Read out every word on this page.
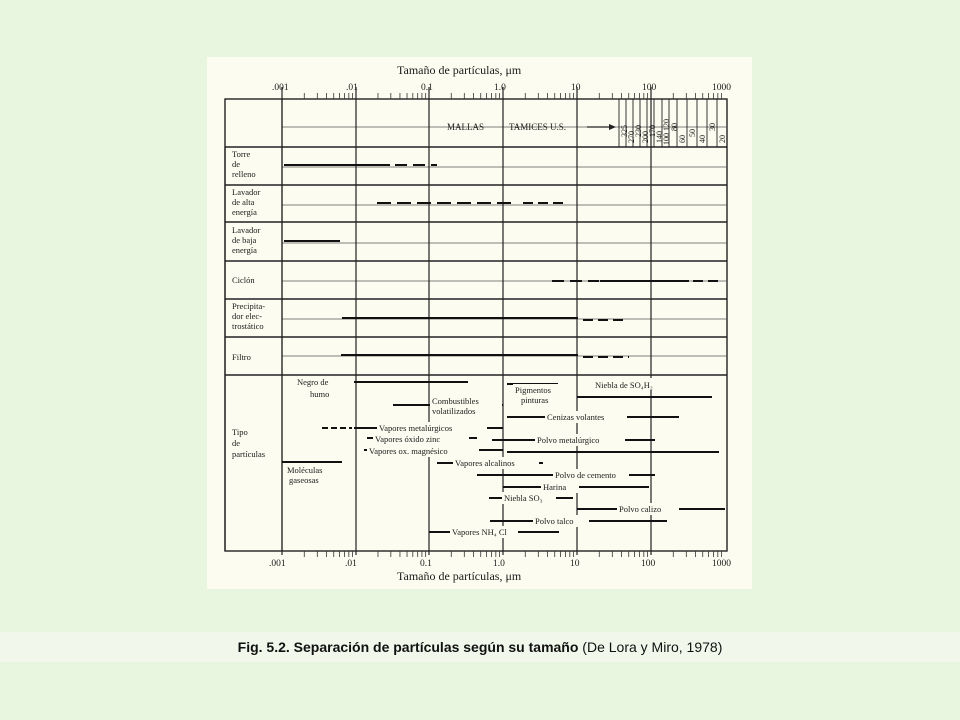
Tamaño de partículas, μm
Tamaño de partículas, μm
.001	.01	0.1	1.0	10	100	1000
.001	.01	0.1	1.0	10	100	1000
MALLAS	TAMICES U.S.	325
270
230
200
170
140
120
100
80
60
50
40
30
20
Torre
de
relleno
Lavador
de alta
energía
Lavador
de baja
energía
Ciclón
Precipita-
dor elec-
trostático
Filtro
Tipo
de
partículas
Negro de
humo
Combustibles
volatilizados
Pigmentos
pinturas
Niebla de SO₄H₂
Cenizas volantes
Vapores metalúrgicos
Vapores óxido zinc	Polvo metalúrgico
Vapores ox. magnésico
Vapores alcalinos
Moléculas
gaseosas	Polvo de cemento
Harina
Niebla SO₃
Polvo calizo
Polvo talco
Vapores NH₄ Cl
Fig. 5.2. Separación de partículas según su tamaño (De Lora y Miro, 1978)
